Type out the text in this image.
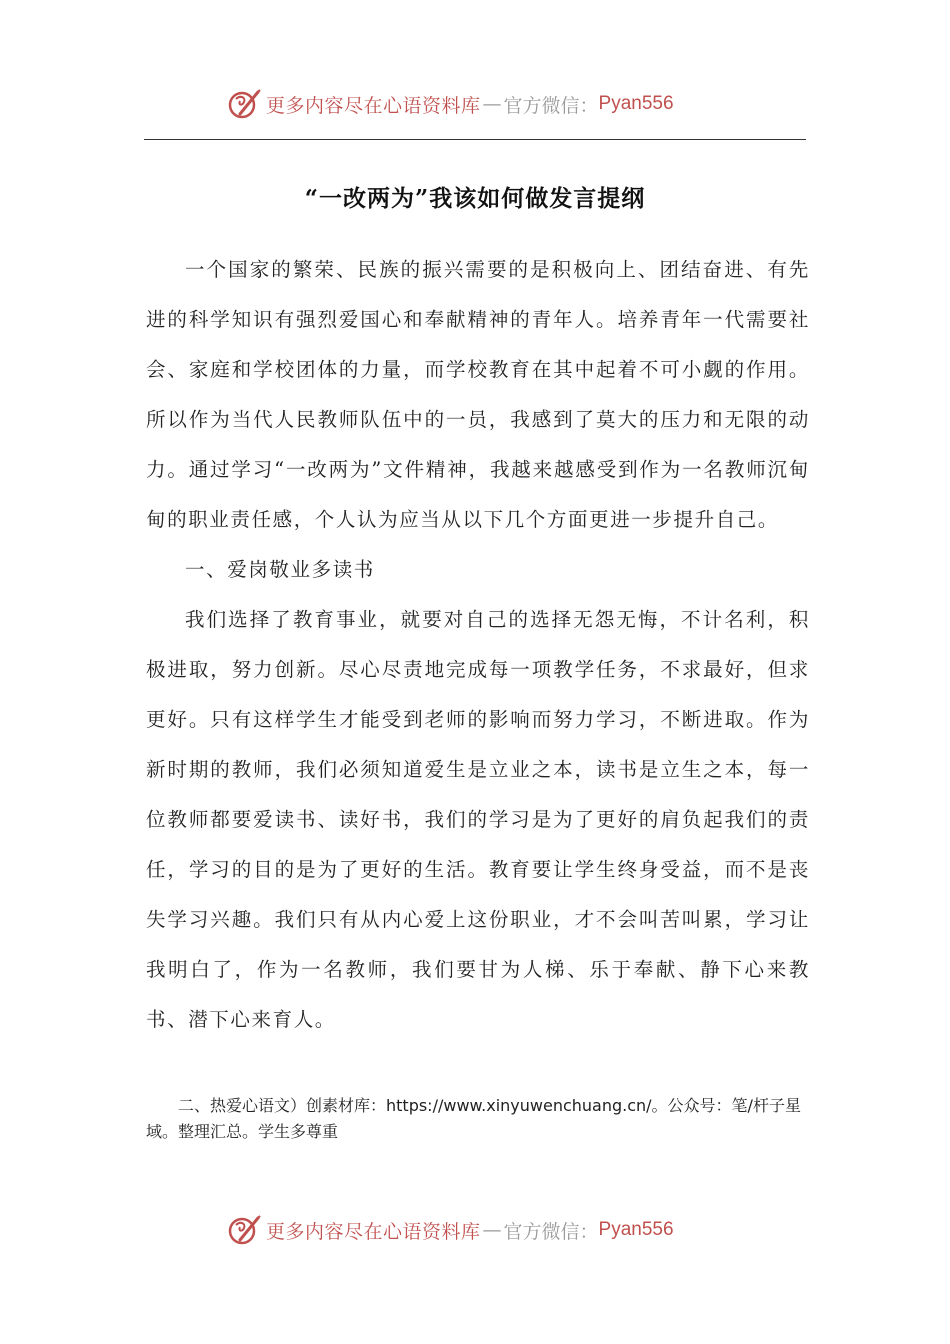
更多内容尽在心语资料库 — 官方微信： Pyan556
“一改两为”我该如何做发言提纲

一个国家的繁荣、民族的振兴需要的是积极向上、团结奋进、有先进的科学知识有强烈爱国心和奉献精神的青年人。培养青年一代需要社会、家庭和学校团体的力量，而学校教育在其中起着不可小觑的作用。所以作为当代人民教师队伍中的一员，我感到了莫大的压力和无限的动力。通过学习“一改两为”文件精神，我越来越感受到作为一名教师沉甸甸的职业责任感，个人认为应当从以下几个方面更进一步提升自己。

一、爱岗敬业多读书

我们选择了教育事业，就要对自己的选择无怨无悔，不计名利，积极进取，努力创新。尽心尽责地完成每一项教学任务，不求最好，但求更好。只有这样学生才能受到老师的影响而努力学习，不断进取。作为新时期的教师，我们必须知道爱生是立业之本，读书是立生之本，每一位教师都要爱读书、读好书，我们的学习是为了更好的肩负起我们的责任，学习的目的是为了更好的生活。教育要让学生终身受益，而不是丧失学习兴趣。我们只有从内心爱上这份职业，才不会叫苦叫累，学习让我明白了，作为一名教师，我们要甘为人梯、乐于奉献、静下心来教书、潜下心来育人。

二、热爱心语文）创素材库：https://www.xinyuwenchuang.cn/。公众号：笔/杆子星域。整理汇总。学生多尊重

更多内容尽在心语资料库 — 官方微信： Pyan556
